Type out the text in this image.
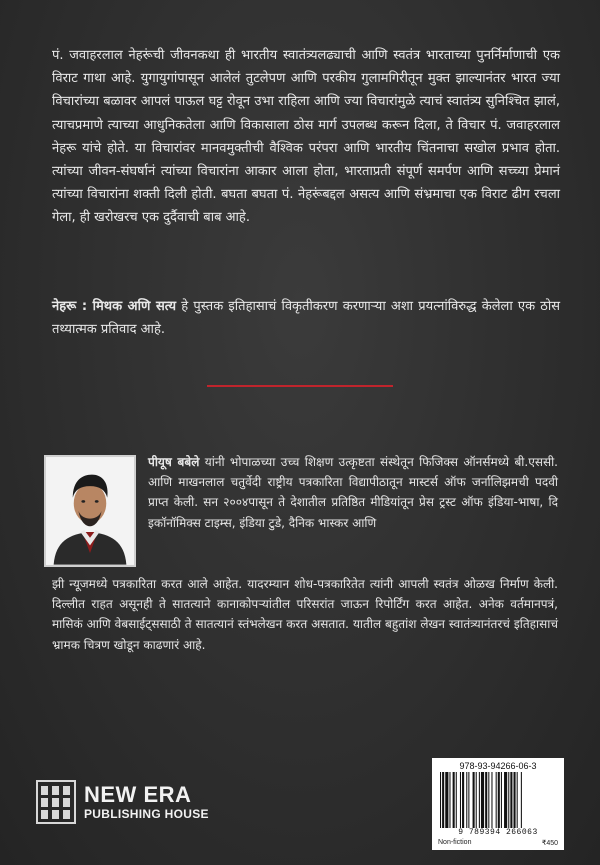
पं. जवाहरलाल नेहरूंची जीवनकथा ही भारतीय स्वातंत्र्यलढ्याची आणि स्वतंत्र भारताच्या पुनर्निर्माणाची एक विराट गाथा आहे. युगायुगांपासून आलेलं तुटलेपण आणि परकीय गुलामगिरीतून मुक्त झाल्यानंतर भारत ज्या विचारांच्या बळावर आपलं पाऊल घट्ट रोवून उभा राहिला आणि ज्या विचारांमुळे त्याचं स्वातंत्र्य सुनिश्चित झालं, त्याचप्रमाणे त्याच्या आधुनिकतेला आणि विकासाला ठोस मार्ग उपलब्ध करून दिला, ते विचार पं. जवाहरलाल नेहरू यांचे होते. या विचारांवर मानवमुक्तीची वैश्विक परंपरा आणि भारतीय चिंतनाचा सखोल प्रभाव होता. त्यांच्या जीवन-संघर्षानं त्यांच्या विचारांना आकार आला होता, भारताप्रती संपूर्ण समर्पण आणि सच्च्या प्रेमानं त्यांच्या विचारांना शक्ती दिली होती. बघता बघता पं. नेहरूंबद्दल असत्य आणि संभ्रमाचा एक विराट ढीग रचला गेला, ही खरोखरच एक दुर्दैवाची बाब आहे.
नेहरू : मिथक अणि सत्य हे पुस्तक इतिहासाचं विकृतीकरण करणाऱ्या अशा प्रयत्नांविरुद्ध केलेला एक ठोस तथ्यात्मक प्रतिवाद आहे.
पीयूष बबेले यांनी भोपाळच्या उच्च शिक्षण उत्कृष्टता संस्थेतून फिजिक्स ऑनर्समध्ये बी.एससी. आणि माखनलाल चतुर्वेदी राष्ट्रीय पत्रकारिता विद्यापीठातून मास्टर्स ऑफ जर्नालिझमची पदवी प्राप्त केली. सन २००४पासून ते देशातील प्रतिष्ठित मीडियांतून प्रेस ट्रस्ट ऑफ इंडिया-भाषा, दि इकॉनॉमिक्स टाइम्स, इंडिया टुडे, दैनिक भास्कर आणि
झी न्यूजमध्ये पत्रकारिता करत आले आहेत. यादरम्यान शोध-पत्रकारितेत त्यांनी आपली स्वतंत्र ओळख निर्माण केली. दिल्लीत राहत असूनही ते सातत्याने कानाकोपऱ्यांतील परिसरांत जाऊन रिपोर्टिंग करत आहेत. अनेक वर्तमानपत्रं, मासिकं आणि वेबसाईट्ससाठी ते सातत्यानं स्तंभलेखन करत असतात. यातील बहुतांश लेखन स्वातंत्र्यानंतरचं इतिहासाचं भ्रामक चित्रण खोडून काढणारं आहे.
NEW ERA
PUBLISHING HOUSE
978-93-94266-06-3
9 789394 266063
Non-fiction	₹450
